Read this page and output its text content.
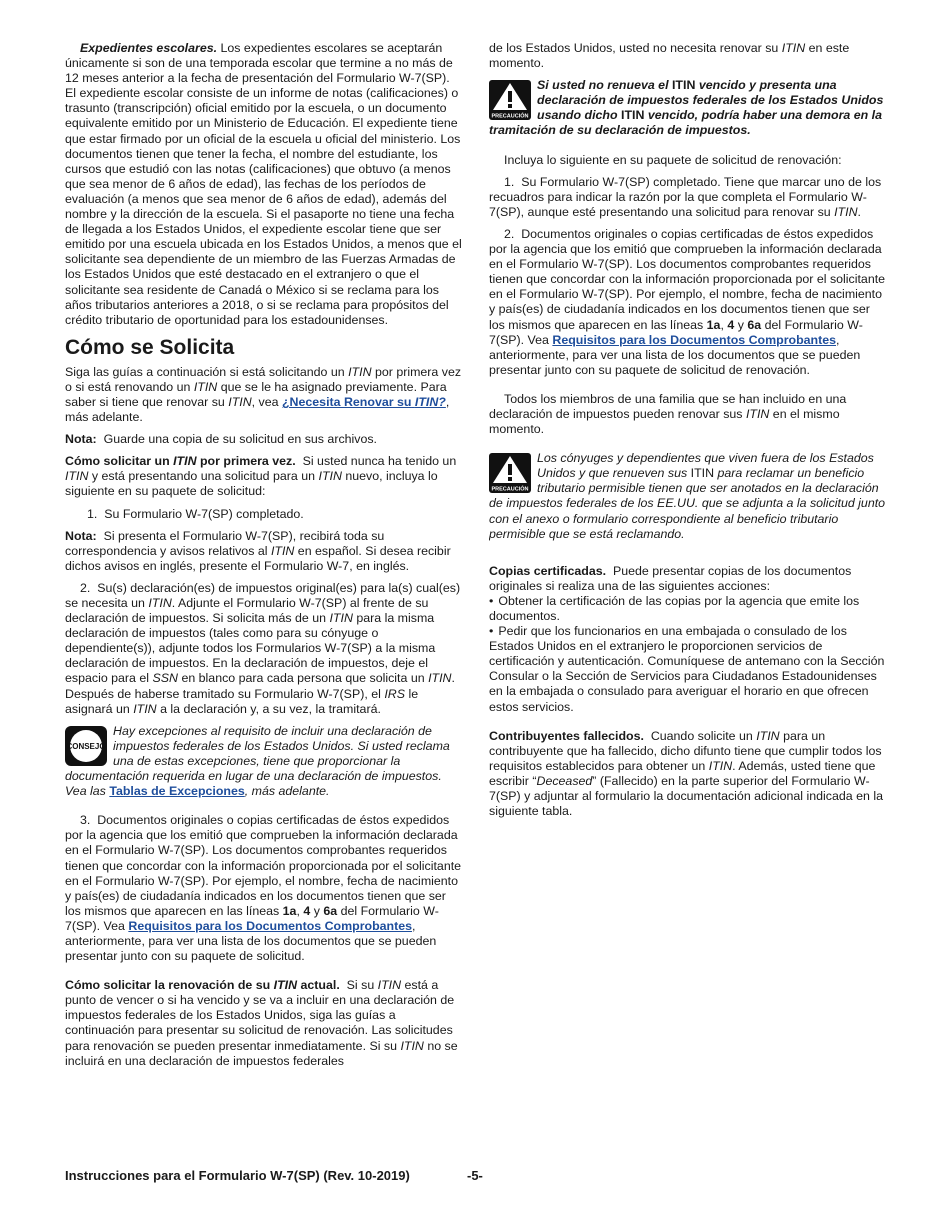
Expedientes escolares. Los expedientes escolares se aceptarán únicamente si son de una temporada escolar que termine a no más de 12 meses anterior a la fecha de presentación del Formulario W-7(SP). El expediente escolar consiste de un informe de notas (calificaciones) o trasunto (transcripción) oficial emitido por la escuela, o un documento equivalente emitido por un Ministerio de Educación. El expediente tiene que estar firmado por un oficial de la escuela u oficial del ministerio. Los documentos tienen que tener la fecha, el nombre del estudiante, los cursos que estudió con las notas (calificaciones) que obtuvo (a menos que sea menor de 6 años de edad), las fechas de los períodos de evaluación (a menos que sea menor de 6 años de edad), además del nombre y la dirección de la escuela. Si el pasaporte no tiene una fecha de llegada a los Estados Unidos, el expediente escolar tiene que ser emitido por una escuela ubicada en los Estados Unidos, a menos que el solicitante sea dependiente de un miembro de las Fuerzas Armadas de los Estados Unidos que esté destacado en el extranjero o que el solicitante sea residente de Canadá o México si se reclama para los años tributarios anteriores a 2018, o si se reclama para propósitos del crédito tributario de oportunidad para los estadounidenses.

Cómo se Solicita

Siga las guías a continuación si está solicitando un ITIN por primera vez o si está renovando un ITIN que se le ha asignado previamente. Para saber si tiene que renovar su ITIN, vea ¿Necesita Renovar su ITIN?, más adelante.

Nota: Guarde una copia de su solicitud en sus archivos.

Cómo solicitar un ITIN por primera vez. Si usted nunca ha tenido un ITIN y está presentando una solicitud para un ITIN nuevo, incluya lo siguiente en su paquete de solicitud:

1.  Su Formulario W-7(SP) completado.

Nota: Si presenta el Formulario W-7(SP), recibirá toda su correspondencia y avisos relativos al ITIN en español. Si desea recibir dichos avisos en inglés, presente el Formulario W-7, en inglés.

2.  Su(s) declaración(es) de impuestos original(es) para la(s) cual(es) se necesita un ITIN. Adjunte el Formulario W-7(SP) al frente de su declaración de impuestos. Si solicita más de un ITIN para la misma declaración de impuestos (tales como para su cónyuge o dependiente(s)), adjunte todos los Formularios W-7(SP) a la misma declaración de impuestos. En la declaración de impuestos, deje el espacio para el SSN en blanco para cada persona que solicita un ITIN. Después de haberse tramitado su Formulario W-7(SP), el IRS le asignará un ITIN a la declaración y, a su vez, la tramitará.

CONSEJO

Hay excepciones al requisito de incluir una declaración de impuestos federales de los Estados Unidos. Si usted reclama una de estas excepciones, tiene que proporcionar la documentación requerida en lugar de una declaración de impuestos. Vea las Tablas de Excepciones, más adelante.

3.  Documentos originales o copias certificadas de éstos expedidos por la agencia que los emitió que comprueben la información declarada en el Formulario W-7(SP). Los documentos comprobantes requeridos tienen que concordar con la información proporcionada por el solicitante en el Formulario W-7(SP). Por ejemplo, el nombre, fecha de nacimiento y país(es) de ciudadanía indicados en los documentos tienen que ser los mismos que aparecen en las líneas 1a, 4 y 6a del Formulario W-7(SP). Vea Requisitos para los Documentos Comprobantes, anteriormente, para ver una lista de los documentos que se pueden presentar junto con su paquete de solicitud.

Cómo solicitar la renovación de su ITIN actual. Si su ITIN está a punto de vencer o si ha vencido y se va a incluir en una declaración de impuestos federales de los Estados Unidos, siga las guías a continuación para presentar su solicitud de renovación. Las solicitudes para renovación se pueden presentar inmediatamente. Si su ITIN no se incluirá en una declaración de impuestos federales

de los Estados Unidos, usted no necesita renovar su ITIN en este momento.

PRECAUCIÓN

Si usted no renueva el ITIN vencido y presenta una declaración de impuestos federales de los Estados Unidos usando dicho ITIN vencido, podría haber una demora en la tramitación de su declaración de impuestos.

Incluya lo siguiente en su paquete de solicitud de renovación:

1.  Su Formulario W-7(SP) completado. Tiene que marcar uno de los recuadros para indicar la razón por la que completa el Formulario W-7(SP), aunque esté presentando una solicitud para renovar su ITIN.

2.  Documentos originales o copias certificadas de éstos expedidos por la agencia que los emitió que comprueben la información declarada en el Formulario W-7(SP). Los documentos comprobantes requeridos tienen que concordar con la información proporcionada por el solicitante en el Formulario W-7(SP). Por ejemplo, el nombre, fecha de nacimiento y país(es) de ciudadanía indicados en los documentos tienen que ser los mismos que aparecen en las líneas 1a, 4 y 6a del Formulario W-7(SP). Vea Requisitos para los Documentos Comprobantes, anteriormente, para ver una lista de los documentos que se pueden presentar junto con su paquete de solicitud de renovación.

Todos los miembros de una familia que se han incluido en una declaración de impuestos pueden renovar sus ITIN en el mismo momento.

PRECAUCIÓN

Los cónyuges y dependientes que viven fuera de los Estados Unidos y que renueven sus ITIN para reclamar un beneficio tributario permisible tienen que ser anotados en la declaración de impuestos federales de los EE.UU. que se adjunta a la solicitud junto con el anexo o formulario correspondiente al beneficio tributario permisible que se está reclamando.

Copias certificadas. Puede presentar copias de los documentos originales si realiza una de las siguientes acciones:

• Obtener la certificación de las copias por la agencia que emite los documentos.

• Pedir que los funcionarios en una embajada o consulado de los Estados Unidos en el extranjero le proporcionen servicios de certificación y autenticación. Comuníquese de antemano con la Sección Consular o la Sección de Servicios para Ciudadanos Estadounidenses en la embajada o consulado para averiguar el horario en que ofrecen estos servicios.

Contribuyentes fallecidos. Cuando solicite un ITIN para un contribuyente que ha fallecido, dicho difunto tiene que cumplir todos los requisitos establecidos para obtener un ITIN. Además, usted tiene que escribir “Deceased” (Fallecido) en la parte superior del Formulario W-7(SP) y adjuntar al formulario la documentación adicional indicada en la siguiente tabla.

Instrucciones para el Formulario W-7(SP) (Rev. 10-2019)	-5-
